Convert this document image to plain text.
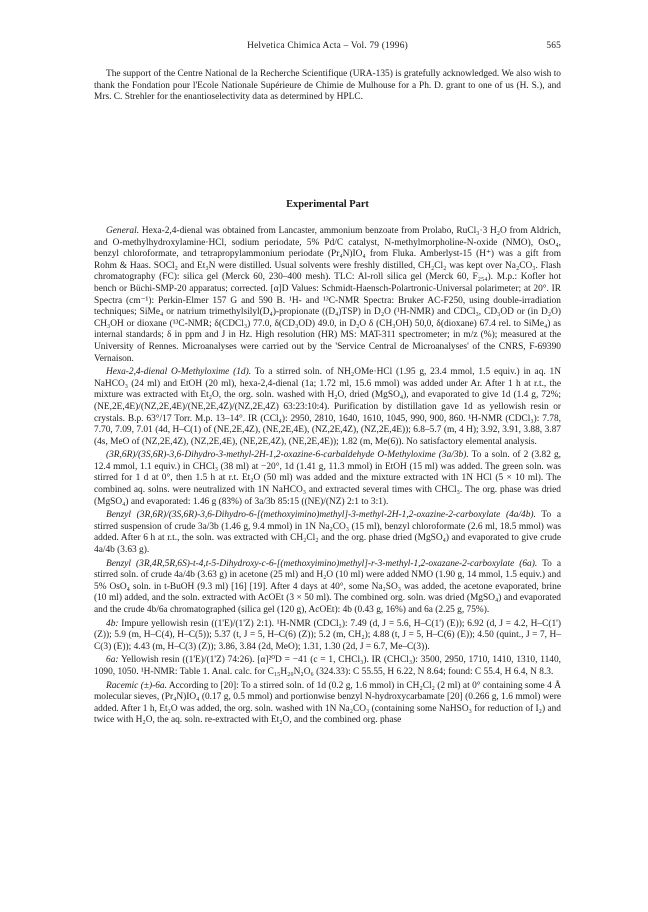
Helvetica Chimica Acta – Vol. 79 (1996)	565

The support of the Centre National de la Recherche Scientifique (URA-135) is gratefully acknowledged. We also wish to thank the Fondation pour l'Ecole Nationale Supérieure de Chimie de Mulhouse for a Ph. D. grant to one of us (H. S.), and Mrs. C. Strehler for the enantioselectivity data as determined by HPLC.

Experimental Part

General. Hexa-2,4-dienal was obtained from Lancaster, ammonium benzoate from Prolabo, RuCl₃·3 H₂O from Aldrich, and O-methylhydroxylamine·HCl, sodium periodate, 5% Pd/C catalyst, N-methylmorpholine-N-oxide (NMO), OsO₄, benzyl chloroformate, and tetrapropylammonium periodate (Pr₄N)IO₄ from Fluka. Amberlyst-15 (H⁺) was a gift from Rohm & Haas. SOCl₂ and Et₃N were distilled. Usual solvents were freshly distilled, CH₂Cl₂ was kept over Na₂CO₃. Flash chromatography (FC): silica gel (Merck 60, 230–400 mesh). TLC: Al-roll silica gel (Merck 60, F₂₅₄). M.p.: Kofler hot bench or Büchi-SMP-20 apparatus; corrected. [α]D Values: Schmidt-Haensch-Polartronic-Universal polarimeter; at 20°. IR Spectra (cm⁻¹): Perkin-Elmer 157 G and 590 B. ¹H- and ¹³C-NMR Spectra: Bruker AC-F250, using double-irradiation techniques; SiMe₄ or natrium trimethylsilyl(D₄)-propionate ((D₄)TSP) in D₂O (¹H-NMR) and CDCl₃, CD₃OD or (in D₂O) CH₃OH or dioxane (¹³C-NMR; δ(CDCl₃) 77.0, δ(CD₃OD) 49.0, in D₂O δ (CH₃OH) 50,0, δ(dioxane) 67.4 rel. to SiMe₄) as internal standards; δ in ppm and J in Hz. High resolution (HR) MS: MAT-311 spectrometer; in m/z (%); measured at the University of Rennes. Microanalyses were carried out by the 'Service Central de Microanalyses' of the CNRS, F-69390 Vernaison.

Hexa-2,4-dienal O-Methyloxime (1d). To a stirred soln. of NH₂OMe·HCl (1.95 g, 23.4 mmol, 1.5 equiv.) in aq. 1N NaHCO₃ (24 ml) and EtOH (20 ml), hexa-2,4-dienal (1a; 1.72 ml, 15.6 mmol) was added under Ar. After 1 h at r.t., the mixture was extracted with Et₂O, the org. soln. washed with H₂O, dried (MgSO₄), and evaporated to give 1d (1.4 g, 72%; (NE,2E,4E)/(NZ,2E,4E)/(NE,2E,4Z)/(NZ,2E,4Z) 63:23:10:4). Purification by distillation gave 1d as yellowish resin or crystals. B.p. 63°/17 Torr. M.p. 13–14°. IR (CCl₄): 2950, 2810, 1640, 1610, 1045, 990, 900, 860. ¹H-NMR (CDCl₃): 7.78, 7.70, 7.09, 7.01 (4d, H–C(1) of (NE,2E,4Z), (NE,2E,4E), (NZ,2E,4Z), (NZ,2E,4E)); 6.8–5.7 (m, 4 H); 3.92, 3.91, 3.88, 3.87 (4s, MeO of (NZ,2E,4Z), (NZ,2E,4E), (NE,2E,4Z), (NE,2E,4E)); 1.82 (m, Me(6)). No satisfactory elemental analysis.

(3R,6R)/(3S,6R)-3,6-Dihydro-3-methyl-2H-1,2-oxazine-6-carbaldehyde O-Methyloxime (3a/3b). To a soln. of 2 (3.82 g, 12.4 mmol, 1.1 equiv.) in CHCl₃ (38 ml) at −20°, 1d (1.41 g, 11.3 mmol) in EtOH (15 ml) was added. The green soln. was stirred for 1 d at 0°, then 1.5 h at r.t. Et₂O (50 ml) was added and the mixture extracted with 1N HCl (5 × 10 ml). The combined aq. solns. were neutralized with 1N NaHCO₃ and extracted several times with CHCl₃. The org. phase was dried (MgSO₄) and evaporated: 1.46 g (83%) of 3a/3b 85:15 ((NE)/(NZ) 2:1 to 3:1).

Benzyl (3R,6R)/(3S,6R)-3,6-Dihydro-6-[(methoxyimino)methyl]-3-methyl-2H-1,2-oxazine-2-carboxylate (4a/4b). To a stirred suspension of crude 3a/3b (1.46 g, 9.4 mmol) in 1N Na₂CO₃ (15 ml), benzyl chloroformate (2.6 ml, 18.5 mmol) was added. After 6 h at r.t., the soln. was extracted with CH₂Cl₂ and the org. phase dried (MgSO₄) and evaporated to give crude 4a/4b (3.63 g).

Benzyl (3R,4R,5R,6S)-t-4,t-5-Dihydroxy-c-6-[(methoxyimino)methyl]-r-3-methyl-1,2-oxazane-2-carboxylate (6a). To a stirred soln. of crude 4a/4b (3.63 g) in acetone (25 ml) and H₂O (10 ml) were added NMO (1.90 g, 14 mmol, 1.5 equiv.) and 5% OsO₄ soln. in t-BuOH (9.3 ml) [16] [19]. After 4 days at 40°, some Na₂SO₃ was added, the acetone evaporated, brine (10 ml) added, and the soln. extracted with AcOEt (3 × 50 ml). The combined org. soln. was dried (MgSO₄) and evaporated and the crude 4b/6a chromatographed (silica gel (120 g), AcOEt): 4b (0.43 g, 16%) and 6a (2.25 g, 75%).

4b: Impure yellowish resin ((1'E)/(1'Z) 2:1). ¹H-NMR (CDCl₃): 7.49 (d, J = 5.6, H–C(1') (E)); 6.92 (d, J = 4.2, H–C(1') (Z)); 5.9 (m, H–C(4), H–C(5)); 5.37 (t, J = 5, H–C(6) (Z)); 5.2 (m, CH₂); 4.88 (t, J = 5, H–C(6) (E)); 4.50 (quint., J = 7, H–C(3) (E)); 4.43 (m, H–C(3) (Z)); 3.86, 3.84 (2d, MeO); 1.31, 1.30 (2d, J = 6.7, Me–C(3)).

6a: Yellowish resin ((1'E)/(1'Z) 74:26). [α]²⁰D = −41 (c = 1, CHCl₃). IR (CHCl₃): 3500, 2950, 1710, 1410, 1310, 1140, 1090, 1050. ¹H-NMR: Table 1. Anal. calc. for C₁₅H₂₀N₂O₆ (324.33): C 55.55, H 6.22, N 8.64; found: C 55.4, H 6.4, N 8.3.

Racemic (±)-6a. According to [20]: To a stirred soln. of 1d (0.2 g, 1.6 mmol) in CH₂Cl₂ (2 ml) at 0° containing some 4 Å molecular sieves, (Pr₄N)IO₄ (0.17 g, 0.5 mmol) and portionwise benzyl N-hydroxycarbamate [20] (0.266 g, 1.6 mmol) were added. After 1 h, Et₂O was added, the org. soln. washed with 1N Na₂CO₃ (containing some NaHSO₃ for reduction of I₂) and twice with H₂O, the aq. soln. re-extracted with Et₂O, and the combined org. phase
